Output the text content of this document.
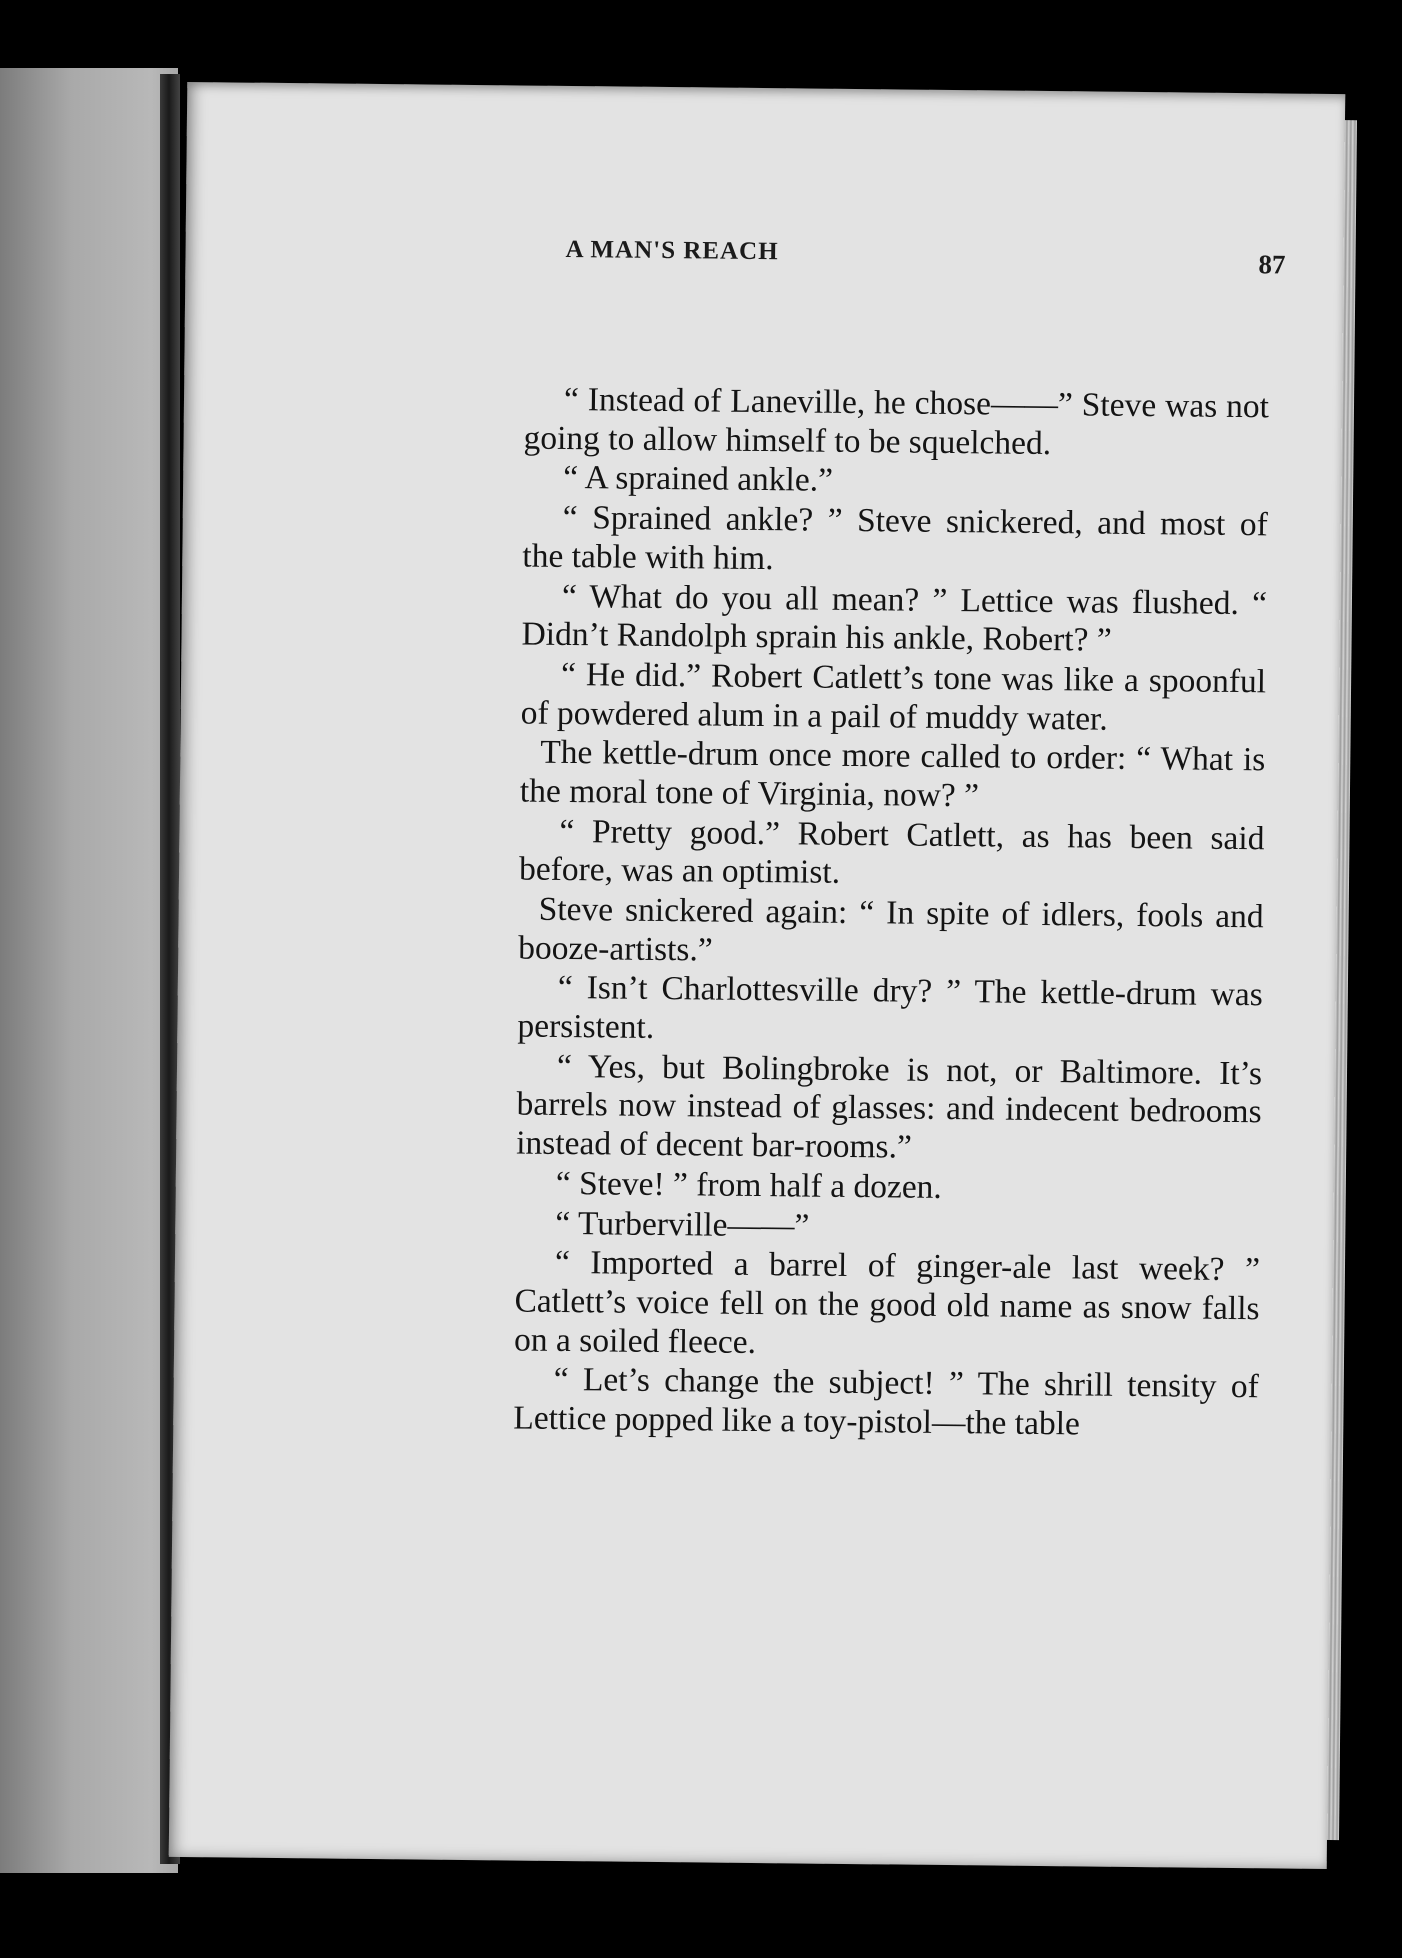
A MAN'S REACH	87

“ Instead of Laneville, he chose——” Steve was not going to allow himself to be squelched.

“ A sprained ankle.”

“ Sprained ankle? ” Steve snickered, and most of the table with him.

“ What do you all mean? ” Lettice was flushed. “ Didn’t Randolph sprain his ankle, Robert? ”

“ He did.” Robert Catlett’s tone was like a spoonful of powdered alum in a pail of muddy water.

The kettle-drum once more called to order: “ What is the moral tone of Virginia, now? ”

“ Pretty good.” Robert Catlett, as has been said before, was an optimist.

Steve snickered again: “ In spite of idlers, fools and booze-artists.”

“ Isn’t Charlottesville dry? ” The kettle-drum was persistent.

“ Yes, but Bolingbroke is not, or Baltimore. It’s barrels now instead of glasses: and indecent bedrooms instead of decent bar-rooms.”

“ Steve! ” from half a dozen.

“ Turberville——”

“ Imported a barrel of ginger-ale last week? ” Catlett’s voice fell on the good old name as snow falls on a soiled fleece.

“ Let’s change the subject! ” The shrill tensity of Lettice popped like a toy-pistol—the table
